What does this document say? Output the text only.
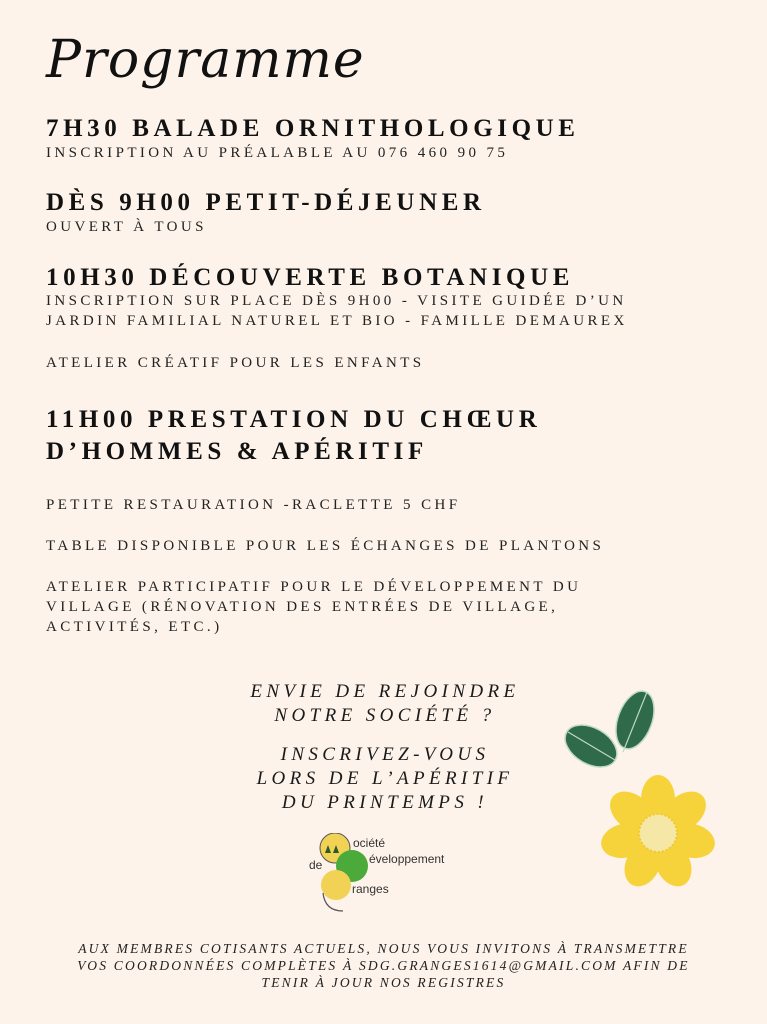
Programme
7H30 BALADE ORNITHOLOGIQUE
INSCRIPTION AU PRÉALABLE AU 076 460 90 75
DÈS 9H00 PETIT-DÉJEUNER
OUVERT À TOUS
10H30 DÉCOUVERTE BOTANIQUE
INSCRIPTION SUR PLACE DÈS 9H00 - VISITE GUIDÉE D’UN
JARDIN FAMILIAL NATUREL ET BIO - FAMILLE DEMAUREX
ATELIER CRÉATIF POUR LES ENFANTS
11H00 PRESTATION DU CHŒUR
D’HOMMES & APÉRITIF
PETITE RESTAURATION -RACLETTE 5 CHF
TABLE DISPONIBLE POUR LES ÉCHANGES DE PLANTONS
ATELIER PARTICIPATIF POUR LE DÉVELOPPEMENT DU
VILLAGE (RÉNOVATION DES ENTRÉES DE VILLAGE,
ACTIVITÉS, ETC.)
ENVIE DE REJOINDRE
NOTRE SOCIÉTÉ ?
INSCRIVEZ-VOUS
LORS DE L’APÉRITIF
DU PRINTEMPS !
ociété
éveloppement
de
ranges
AUX MEMBRES COTISANTS ACTUELS, NOUS VOUS INVITONS À TRANSMETTRE
VOS COORDONNÉES COMPLÈTES À SDG.GRANGES1614@GMAIL.COM AFIN DE
TENIR À JOUR NOS REGISTRES
